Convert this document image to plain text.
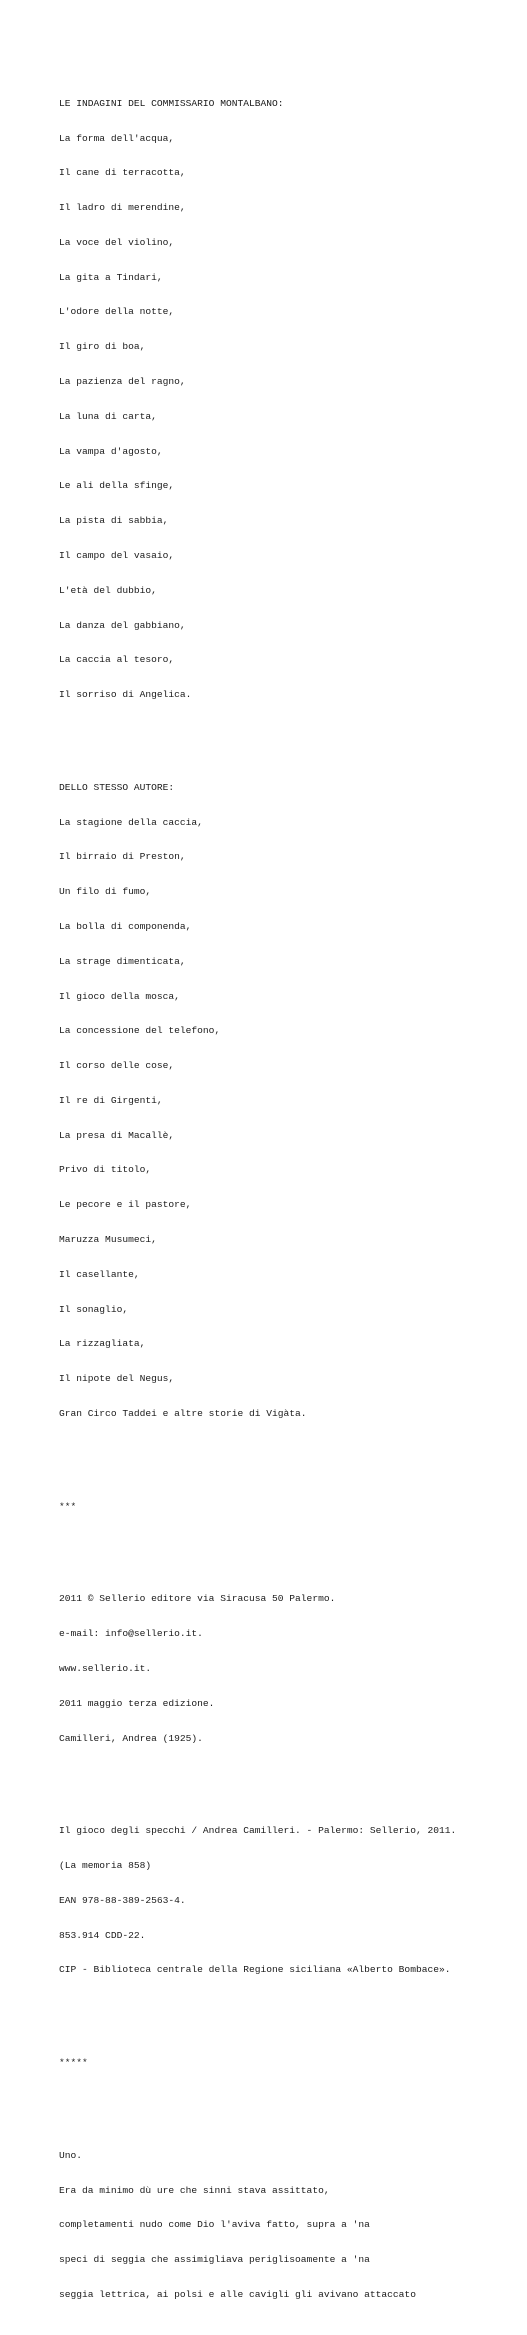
LE INDAGINI DEL COMMISSARIO MONTALBANO:

La forma dell'acqua,

Il cane di terracotta,

Il ladro di merendine,

La voce del violino,

La gita a Tindari,

L'odore della notte,

Il giro di boa,

La pazienza del ragno,

La luna di carta,

La vampa d'agosto,

Le ali della sfinge,

La pista di sabbia,

Il campo del vasaio,

L'età del dubbio,

La danza del gabbiano,

La caccia al tesoro,

Il sorriso di Angelica.

DELLO STESSO AUTORE:

La stagione della caccia,

Il birraio di Preston,

Un filo di fumo,

La bolla di componenda,

La strage dimenticata,

Il gioco della mosca,

La concessione del telefono,

Il corso delle cose,

Il re di Girgenti,

La presa di Macallè,

Privo di titolo,

Le pecore e il pastore,

Maruzza Musumeci,

Il casellante,

Il sonaglio,

La rizzagliata,

Il nipote del Negus,

Gran Circo Taddei e altre storie di Vigàta.

***

2011 © Sellerio editore via Siracusa 50 Palermo.

e-mail: info@sellerio.it.

www.sellerio.it.

2011 maggio terza edizione.

Camilleri, Andrea (1925).

Il gioco degli specchi / Andrea Camilleri. - Palermo: Sellerio, 2011.

(La memoria 858)

EAN 978-88-389-2563-4.

853.914 CDD-22.

CIP - Biblioteca centrale della Regione siciliana «Alberto Bombace».

*****

Uno.

Era da minimo dù ure che sinni stava assittato,

completamenti nudo come Dio l'aviva fatto, supra a 'na

speci di seggia che assimigliava periglisoamente a 'na

seggia lettrica, ai polsi e alle cavigli gli avivano attaccato
